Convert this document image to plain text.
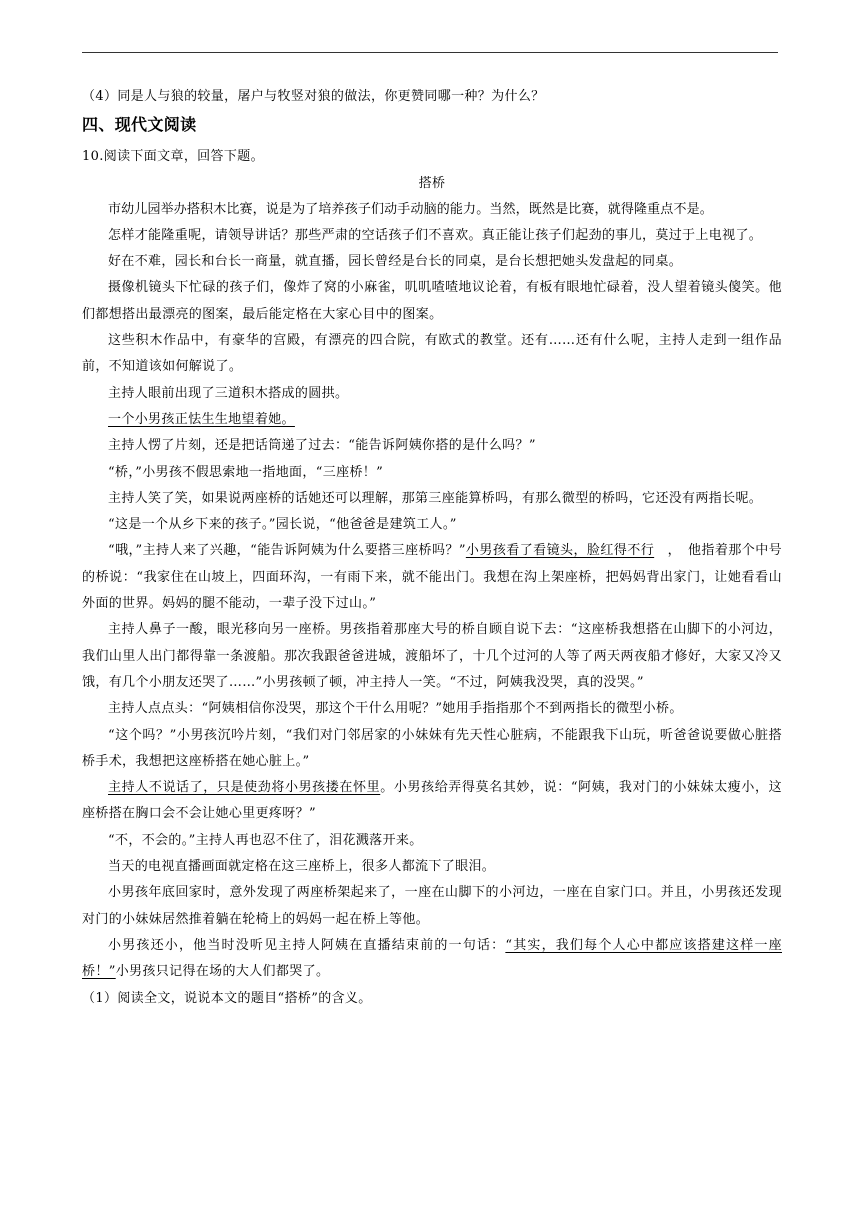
（4）同是人与狼的较量，屠户与牧竖对狼的做法，你更赞同哪一种？为什么？

四、现代文阅读

10.阅读下面文章，回答下题。

搭桥

市幼儿园举办搭积木比赛，说是为了培养孩子们动手动脑的能力。当然，既然是比赛，就得隆重点不是。

怎样才能隆重呢，请领导讲话？那些严肃的空话孩子们不喜欢。真正能让孩子们起劲的事儿，莫过于上电视了。

好在不难，园长和台长一商量，就直播，园长曾经是台长的同桌，是台长想把她头发盘起的同桌。

摄像机镜头下忙碌的孩子们，像炸了窝的小麻雀，叽叽喳喳地议论着，有板有眼地忙碌着，没人望着镜头傻笑。他们都想搭出最漂亮的图案，最后能定格在大家心目中的图案。

这些积木作品中，有豪华的宫殿，有漂亮的四合院，有欧式的教堂。还有……还有什么呢，主持人走到一组作品前，不知道该如何解说了。

主持人眼前出现了三道积木搭成的圆拱。

一个小男孩正怯生生地望着她。

主持人愣了片刻，还是把话筒递了过去：“能告诉阿姨你搭的是什么吗？”

“桥，”小男孩不假思索地一指地面，“三座桥！”

主持人笑了笑，如果说两座桥的话她还可以理解，那第三座能算桥吗，有那么微型的桥吗，它还没有两指长呢。

“这是一个从乡下来的孩子。”园长说，“他爸爸是建筑工人。”

“哦，”主持人来了兴趣，“能告诉阿姨为什么要搭三座桥吗？”小男孩看了看镜头，脸红得不行　，　他指着那个中号的桥说：“我家住在山坡上，四面环沟，一有雨下来，就不能出门。我想在沟上架座桥，把妈妈背出家门，让她看看山外面的世界。妈妈的腿不能动，一辈子没下过山。”

主持人鼻子一酸，眼光移向另一座桥。男孩指着那座大号的桥自顾自说下去：“这座桥我想搭在山脚下的小河边，我们山里人出门都得靠一条渡船。那次我跟爸爸进城，渡船坏了，十几个过河的人等了两天两夜船才修好，大家又冷又饿，有几个小朋友还哭了……”小男孩顿了顿，冲主持人一笑。“不过，阿姨我没哭，真的没哭。”

主持人点点头：“阿姨相信你没哭，那这个干什么用呢？”她用手指指那个不到两指长的微型小桥。

“这个吗？”小男孩沉吟片刻，“我们对门邻居家的小妹妹有先天性心脏病，不能跟我下山玩，听爸爸说要做心脏搭桥手术，我想把这座桥搭在她心脏上。”

主持人不说话了，只是使劲将小男孩搂在怀里。小男孩给弄得莫名其妙，说：“阿姨，我对门的小妹妹太瘦小，这座桥搭在胸口会不会让她心里更疼呀？”

“不，不会的。”主持人再也忍不住了，泪花溅落开来。

当天的电视直播画面就定格在这三座桥上，很多人都流下了眼泪。

小男孩年底回家时，意外发现了两座桥架起来了，一座在山脚下的小河边，一座在自家门口。并且，小男孩还发现对门的小妹妹居然推着躺在轮椅上的妈妈一起在桥上等他。

小男孩还小，他当时没听见主持人阿姨在直播结束前的一句话：“其实，我们每个人心中都应该搭建这样一座桥！”小男孩只记得在场的大人们都哭了。

（1）阅读全文，说说本文的题目“搭桥”的含义。
